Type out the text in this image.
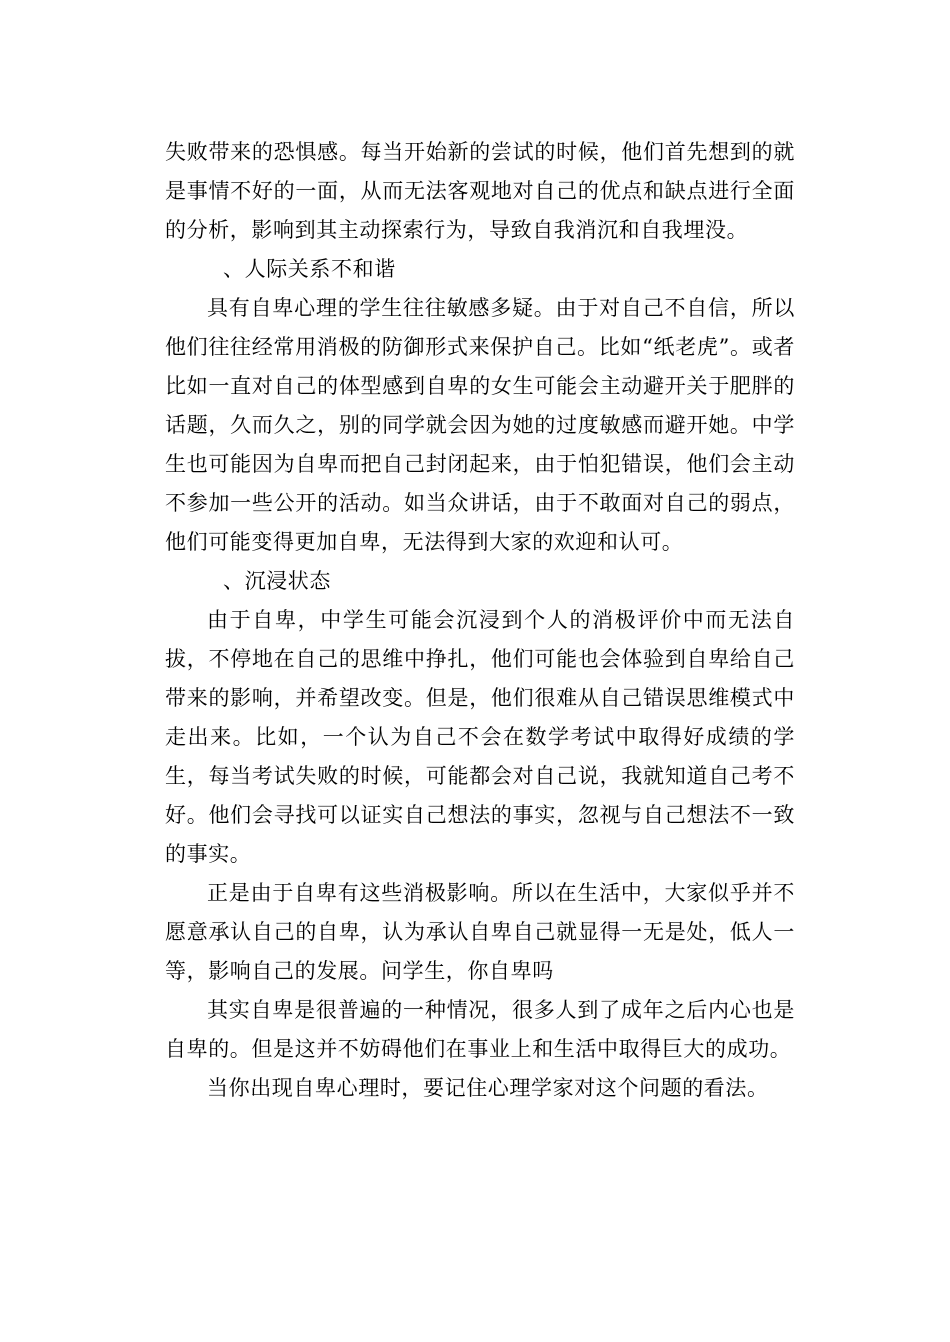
失败带来的恐惧感。每当开始新的尝试的时候，他们首先想到的就是事情不好的一面，从而无法客观地对自己的优点和缺点进行全面的分析，影响到其主动探索行为，导致自我消沉和自我埋没。

、人际关系不和谐

具有自卑心理的学生往往敏感多疑。由于对自己不自信，所以他们往往经常用消极的防御形式来保护自己。比如“纸老虎”。或者比如一直对自己的体型感到自卑的女生可能会主动避开关于肥胖的话题，久而久之，别的同学就会因为她的过度敏感而避开她。中学生也可能因为自卑而把自己封闭起来，由于怕犯错误，他们会主动不参加一些公开的活动。如当众讲话，由于不敢面对自己的弱点，他们可能变得更加自卑，无法得到大家的欢迎和认可。

、沉浸状态

由于自卑，中学生可能会沉浸到个人的消极评价中而无法自拔，不停地在自己的思维中挣扎，他们可能也会体验到自卑给自己带来的影响，并希望改变。但是，他们很难从自己错误思维模式中走出来。比如，一个认为自己不会在数学考试中取得好成绩的学生，每当考试失败的时候，可能都会对自己说，我就知道自己考不好。他们会寻找可以证实自己想法的事实，忽视与自己想法不一致的事实。

正是由于自卑有这些消极影响。所以在生活中，大家似乎并不愿意承认自己的自卑，认为承认自卑自己就显得一无是处，低人一等，影响自己的发展。问学生，你自卑吗

其实自卑是很普遍的一种情况，很多人到了成年之后内心也是自卑的。但是这并不妨碍他们在事业上和生活中取得巨大的成功。

当你出现自卑心理时，要记住心理学家对这个问题的看法。
